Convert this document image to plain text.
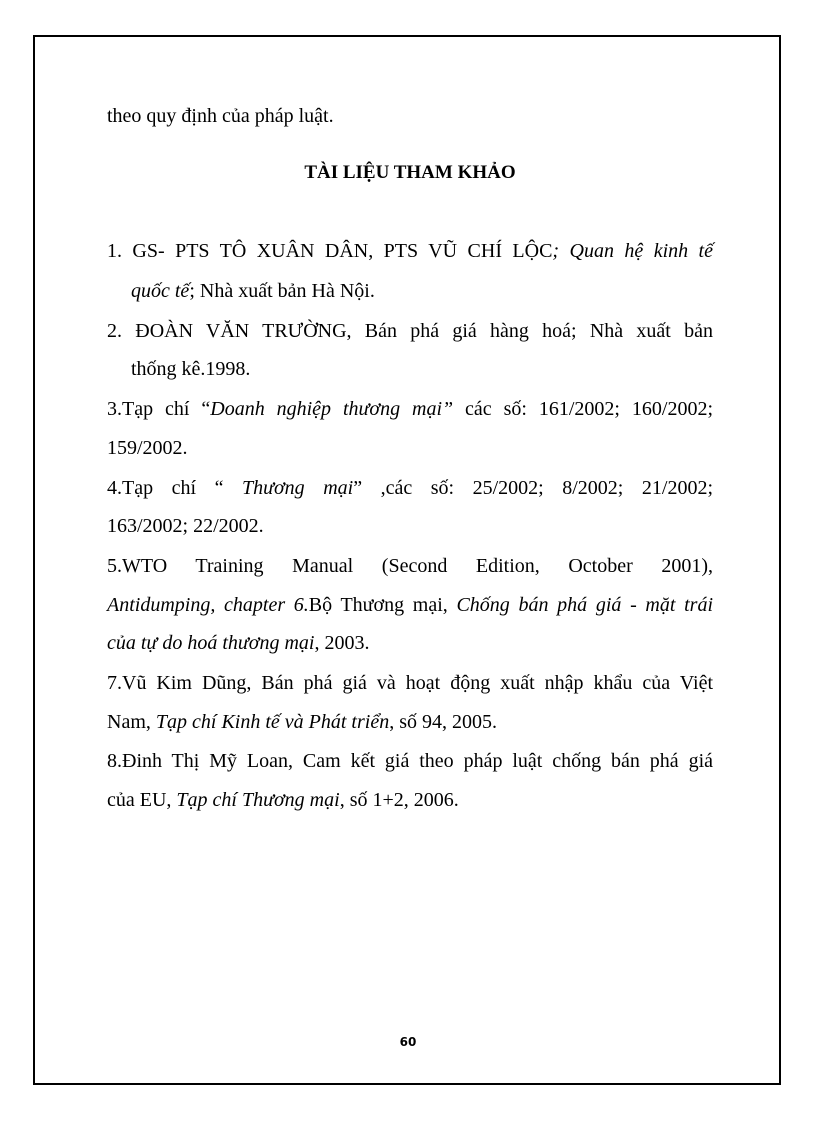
theo quy định của pháp luật.

TÀI LIỆU THAM KHẢO

1. GS- PTS TÔ XUÂN DÂN, PTS VŨ CHÍ LỘC; Quan hệ kinh tế

quốc tế; Nhà xuất bản Hà Nội.

2. ĐOÀN VĂN TRƯỜNG, Bán phá giá hàng hoá; Nhà xuất bản

thống kê.1998.

3.Tạp chí “Doanh nghiệp thương mại” các số: 161/2002; 160/2002;

159/2002.

4.Tạp chí “ Thương mại” ,các số: 25/2002; 8/2002; 21/2002;

163/2002; 22/2002.

5.WTO Training Manual (Second Edition, October 2001),

Antidumping, chapter 6.Bộ Thương mại, Chống bán phá giá - mặt trái

của tự do hoá thương mại, 2003.

7.Vũ Kim Dũng, Bán phá giá và hoạt động xuất nhập khẩu của Việt

Nam, Tạp chí Kinh tế và Phát triển, số 94, 2005.

8.Đinh Thị Mỹ Loan, Cam kết giá theo pháp luật chống bán phá giá

của EU, Tạp chí Thương mại, số 1+2, 2006.

60
